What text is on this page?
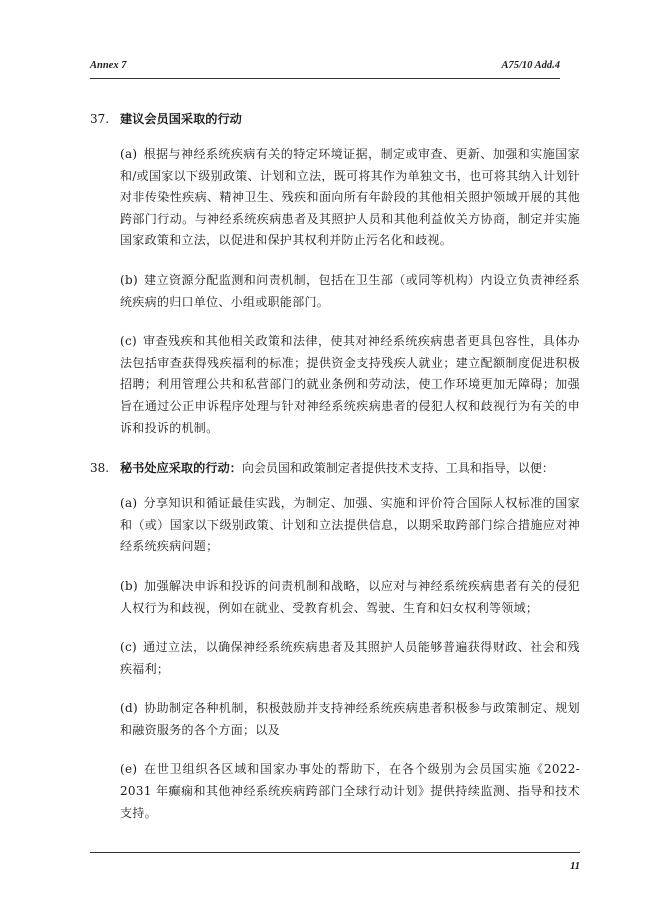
Annex 7	A75/10 Add.4
37. 建议会员国采取的行动

(a) 根据与神经系统疾病有关的特定环境证据，制定或审查、更新、加强和实施国家和/或国家以下级别政策、计划和立法，既可将其作为单独文书，也可将其纳入计划针对非传染性疾病、精神卫生、残疾和面向所有年龄段的其他相关照护领域开展的其他跨部门行动。与神经系统疾病患者及其照护人员和其他利益攸关方协商，制定并实施国家政策和立法，以促进和保护其权利并防止污名化和歧视。

(b) 建立资源分配监测和问责机制，包括在卫生部（或同等机构）内设立负责神经系统疾病的归口单位、小组或职能部门。

(c) 审查残疾和其他相关政策和法律，使其对神经系统疾病患者更具包容性，具体办法包括审查获得残疾福利的标准；提供资金支持残疾人就业；建立配额制度促进积极招聘；利用管理公共和私营部门的就业条例和劳动法，使工作环境更加无障碍；加强旨在通过公正申诉程序处理与针对神经系统疾病患者的侵犯人权和歧视行为有关的申诉和投诉的机制。

38. 秘书处应采取的行动：向会员国和政策制定者提供技术支持、工具和指导，以便：

(a) 分享知识和循证最佳实践，为制定、加强、实施和评价符合国际人权标准的国家和（或）国家以下级别政策、计划和立法提供信息，以期采取跨部门综合措施应对神经系统疾病问题；

(b) 加强解决申诉和投诉的问责机制和战略，以应对与神经系统疾病患者有关的侵犯人权行为和歧视，例如在就业、受教育机会、驾驶、生育和妇女权利等领域；

(c) 通过立法，以确保神经系统疾病患者及其照护人员能够普遍获得财政、社会和残疾福利；

(d) 协助制定各种机制，积极鼓励并支持神经系统疾病患者积极参与政策制定、规划和融资服务的各个方面；以及

(e) 在世卫组织各区域和国家办事处的帮助下，在各个级别为会员国实施《2022-2031 年癫痫和其他神经系统疾病跨部门全球行动计划》提供持续监测、指导和技术支持。

11
